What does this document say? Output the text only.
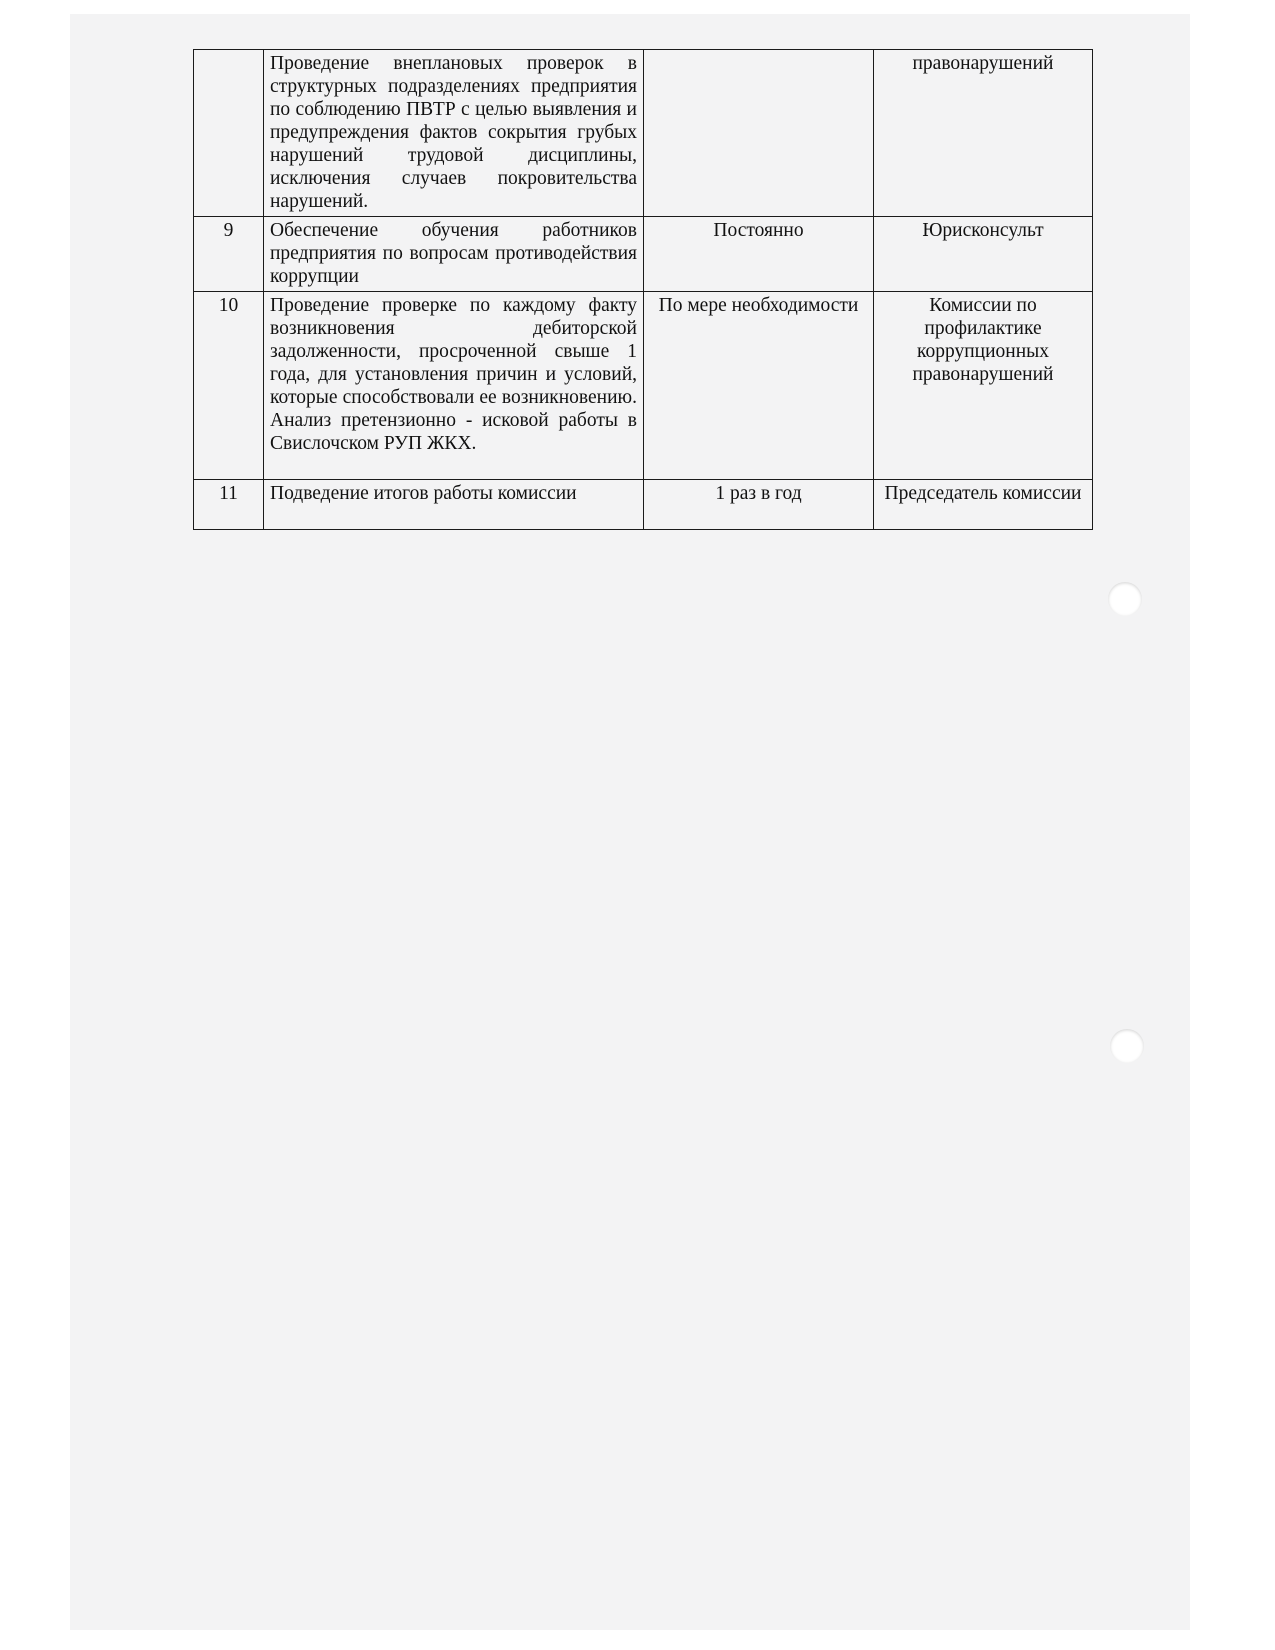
	Проведение внеплановых проверок в структурных подразделениях предприятия по соблюдению ПВТР с целью выявления и предупреждения фактов сокрытия грубых нарушений трудовой дисциплины, исключения случаев покровительства нарушений.		правонарушений
9	Обеспечение обучения работников предприятия по вопросам противодействия коррупции	Постоянно	Юрисконсульт
10	Проведение проверке по каждому факту возникновения дебиторской задолженности, просроченной свыше 1 года, для установления причин и условий, которые способствовали ее возникновению. Анализ претензионно - исковой работы в Свислочском РУП ЖКХ.	По мере необходимости	Комиссии по профилактике коррупционных правонарушений
11	Подведение итогов работы комиссии	1 раз в год	Председатель комиссии
